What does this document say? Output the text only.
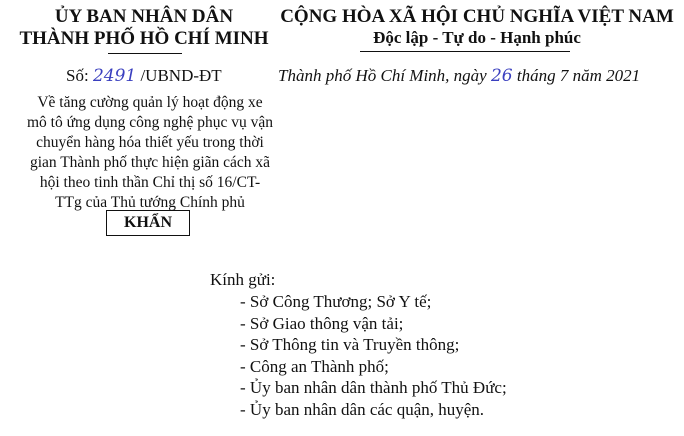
ỦY BAN NHÂN DÂN
THÀNH PHỐ HỒ CHÍ MINH
CỘNG HÒA XÃ HỘI CHỦ NGHĨA VIỆT NAM
Độc lập - Tự do - Hạnh phúc
Số: 2491 /UBND-ĐT	Thành phố Hồ Chí Minh, ngày 26 tháng 7 năm 2021
Về tăng cường quản lý hoạt động xe
mô tô ứng dụng công nghệ phục vụ vận
chuyển hàng hóa thiết yếu trong thời
gian Thành phố thực hiện giãn cách xã
hội theo tinh thần Chỉ thị số 16/CT-
TTg của Thủ tướng Chính phủ
KHẨN
Kính gửi:
- Sở Công Thương; Sở Y tế;
- Sở Giao thông vận tải;
- Sở Thông tin và Truyền thông;
- Công an Thành phố;
- Ủy ban nhân dân thành phố Thủ Đức;
- Ủy ban nhân dân các quận, huyện.
